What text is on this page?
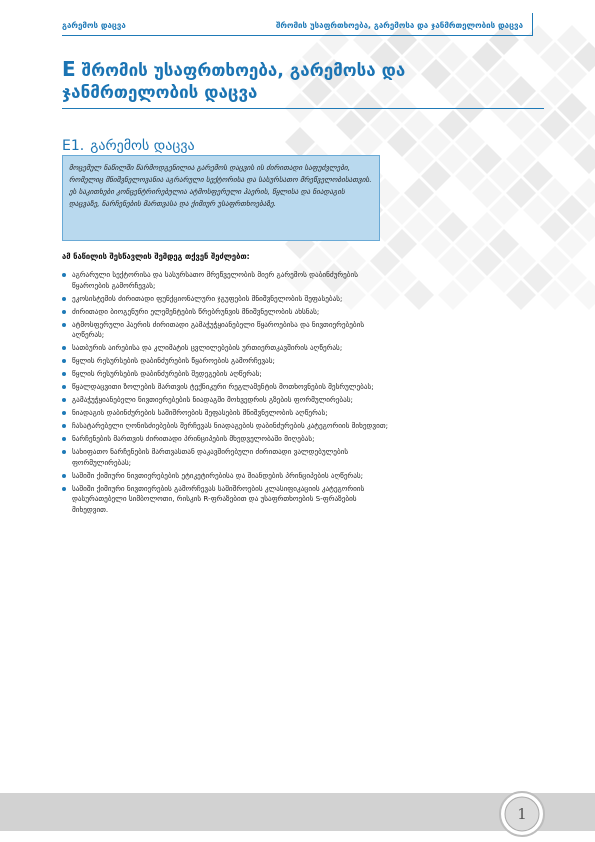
გარემოს დაცვა	შრომის უსაფრთხოება, გარემოსა და ჯანმრთელობის დაცვა
E შრომის უსაფრთხოება, გარემოსა და ჯანმრთელობის დაცვა
E1. გარემოს დაცვა
მოცემულ ნაწილში წარმოდგენილია გარემოს დაცვის ის ძირითადი საფუძვლები, რომელიც მნიშვნელოვანია აგრარული სექტორისა და სასურსათო მრეწველობისათვის. ეს საკითხები კონცენტრირებულია ატმოსფერული ჰაერის, წყლისა და ნიადაგის დაცვაზე, ნარჩენების მართვასა და ქიმიურ უსაფრთხოებაზე.
ამ ნაწილის შესწავლის შემდეგ თქვენ შეძლებთ:
აგრარული სექტორისა და სასურსათო მრეწველობის მიერ გარემოს დაბინძურების წყაროების გამორჩევას;
ეკოსისტემის ძირითადი ფუნქციონალური ჯგუფების მნიშვნელობის შეფასებას;
ძირითადი ბიოგენური ელემენტების წრებრუნვის მნიშვნელობის ახსნას;
ატმოსფერული ჰაერის ძირითადი გამაჭუჭყიანებელი წყაროებისა და ნივთიერებების აღწერას;
სათბურის აირებისა და კლიმატის ცვლილებების ურთიერთკავშირის აღწერას;
წყლის რესურსების დაბინძურების წყაროების გამორჩევას;
წყლის რესურსების დაბინძურების შედეგების აღწერას;
წყალდაცვითი ზოლების მართვის ტექნიკური რეგლამენტის მოთხოვნების მესრულებას;
გამაჭუჭყიანებელი ნივთიერებების ნიადაგში მოხვედრის გზების ფორმულირებას;
ნიადაგის დაბინძურების საშიშროების შეფასების მნიშვნელობის აღწერას;
ჩასატარებელი ღონისძიებების შერჩევას ნიადაგების დაბინძურების კატეგორიის მიხედვით;
ნარჩენების მართვის ძირითადი პრინციპების მხედველობაში მიღებას;
სახიფათო ნარჩენების მართვასთან დაკავშირებული ძირითადი ვალდებულების ფორმულირებას;
საშიში ქიმიური ნივთიერებების ეტიკეტირებისა და შიანდების პრინციპების აღწერას;
საშიში ქიმიური ნივთიერების გამორჩევას საშიშროების კლასიფიკაციის კატეგორიის დასურათებელი სიმბოლოთი, რისკის R-ფრაზებით და უსაფრთხოების S-ფრაზების მიხედვით.
1
